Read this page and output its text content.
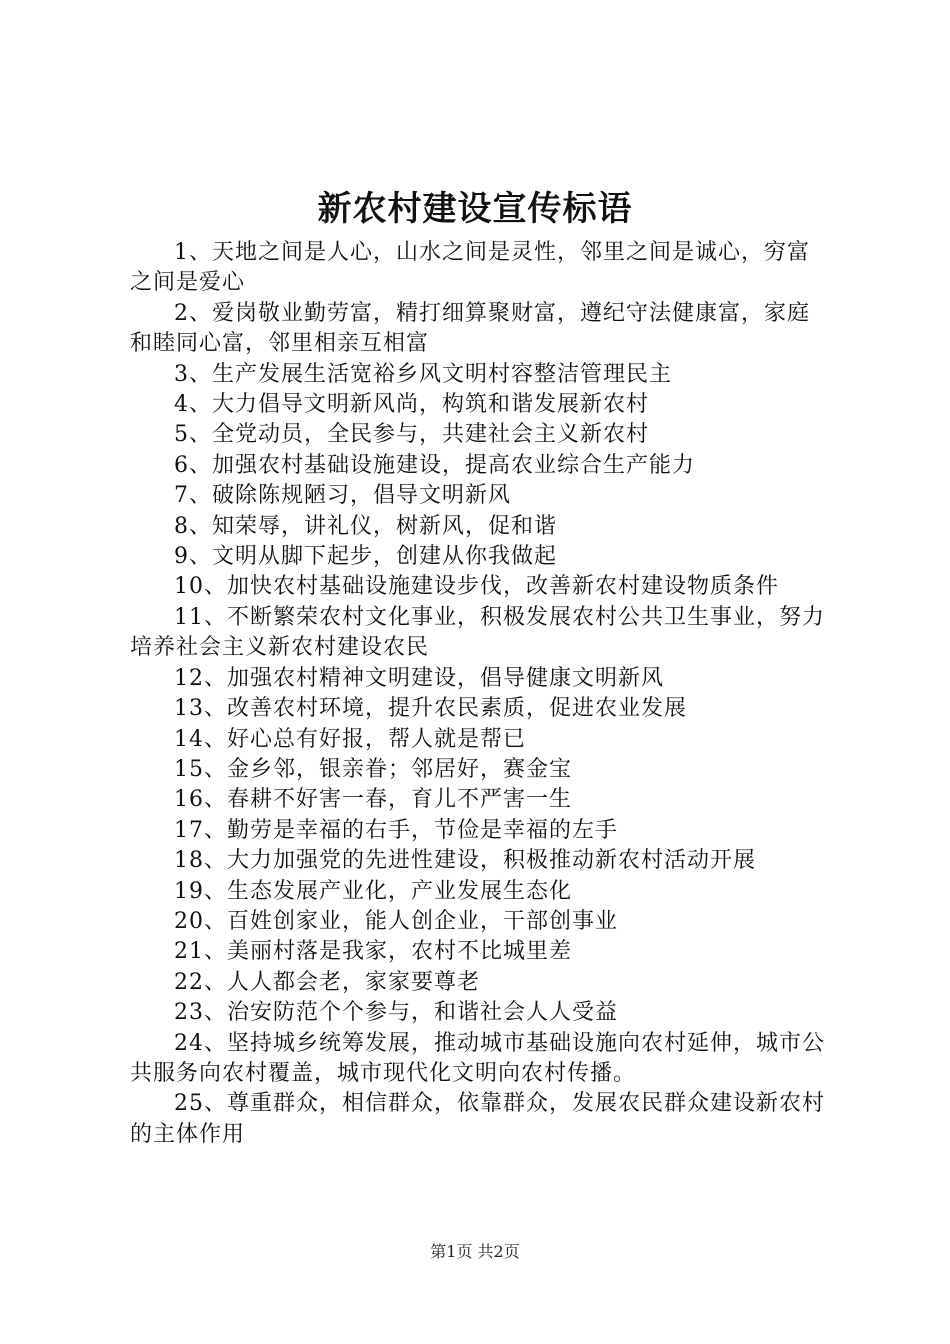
新农村建设宣传标语

1、天地之间是人心，山水之间是灵性，邻里之间是诚心，穷富之间是爱心

2、爱岗敬业勤劳富，精打细算聚财富，遵纪守法健康富，家庭和睦同心富，邻里相亲互相富

3、生产发展生活宽裕乡风文明村容整洁管理民主

4、大力倡导文明新风尚，构筑和谐发展新农村

5、全党动员，全民参与，共建社会主义新农村

6、加强农村基础设施建设，提高农业综合生产能力

7、破除陈规陋习，倡导文明新风

8、知荣辱，讲礼仪，树新风，促和谐

9、文明从脚下起步，创建从你我做起

10、加快农村基础设施建设步伐，改善新农村建设物质条件

11、不断繁荣农村文化事业，积极发展农村公共卫生事业，努力培养社会主义新农村建设农民

12、加强农村精神文明建设，倡导健康文明新风

13、改善农村环境，提升农民素质，促进农业发展

14、好心总有好报，帮人就是帮已

15、金乡邻，银亲眷；邻居好，赛金宝

16、春耕不好害一春，育儿不严害一生

17、勤劳是幸福的右手，节俭是幸福的左手

18、大力加强党的先进性建设，积极推动新农村活动开展

19、生态发展产业化，产业发展生态化

20、百姓创家业，能人创企业，干部创事业

21、美丽村落是我家，农村不比城里差

22、人人都会老，家家要尊老

23、治安防范个个参与，和谐社会人人受益

24、坚持城乡统筹发展，推动城市基础设施向农村延伸，城市公共服务向农村覆盖，城市现代化文明向农村传播。

25、尊重群众，相信群众，依靠群众，发展农民群众建设新农村的主体作用

第1页 共2页
